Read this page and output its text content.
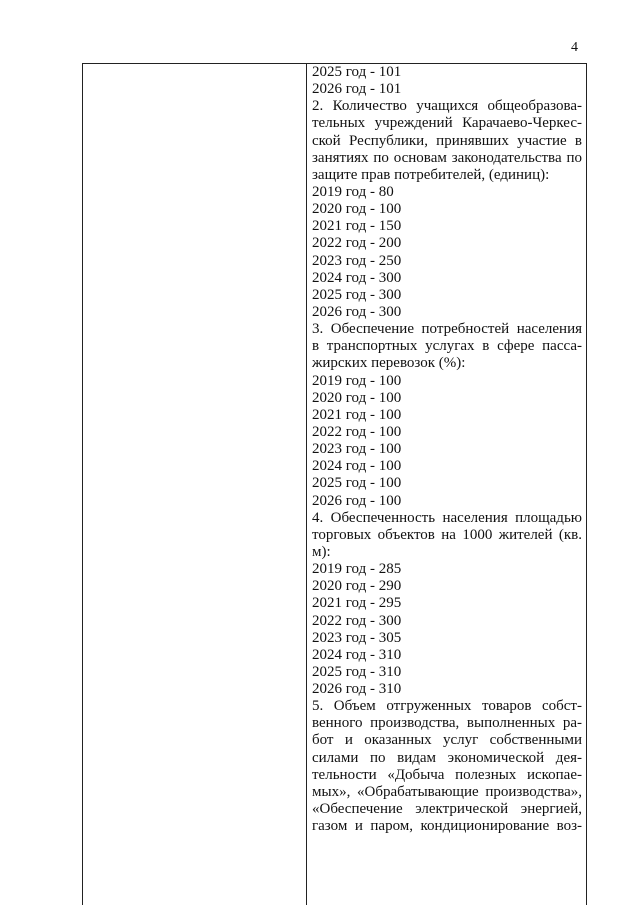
4
2025 год - 101
2026 год - 101
2. Количество учащихся общеобразова-
тельных учреждений Карачаево-Черкес-
ской Республики, принявших участие в
занятиях по основам законодательства по
защите прав потребителей, (единиц):
2019 год - 80
2020 год - 100
2021 год - 150
2022 год - 200
2023 год - 250
2024 год - 300
2025 год - 300
2026 год - 300
3. Обеспечение потребностей населения
в транспортных услугах в сфере пасса-
жирских перевозок (%):
2019 год - 100
2020 год - 100
2021 год - 100
2022 год - 100
2023 год - 100
2024 год - 100
2025 год - 100
2026 год - 100
4. Обеспеченность населения площадью
торговых объектов на 1000 жителей (кв.
м):
2019 год - 285
2020 год - 290
2021 год - 295
2022 год - 300
2023 год - 305
2024 год - 310
2025 год - 310
2026 год - 310
5. Объем отгруженных товаров собст-
венного производства, выполненных ра-
бот и оказанных услуг собственными
силами по видам экономической дея-
тельности «Добыча полезных ископае-
мых», «Обрабатывающие производства»,
«Обеспечение электрической энергией,
газом и паром, кондиционирование воз-
